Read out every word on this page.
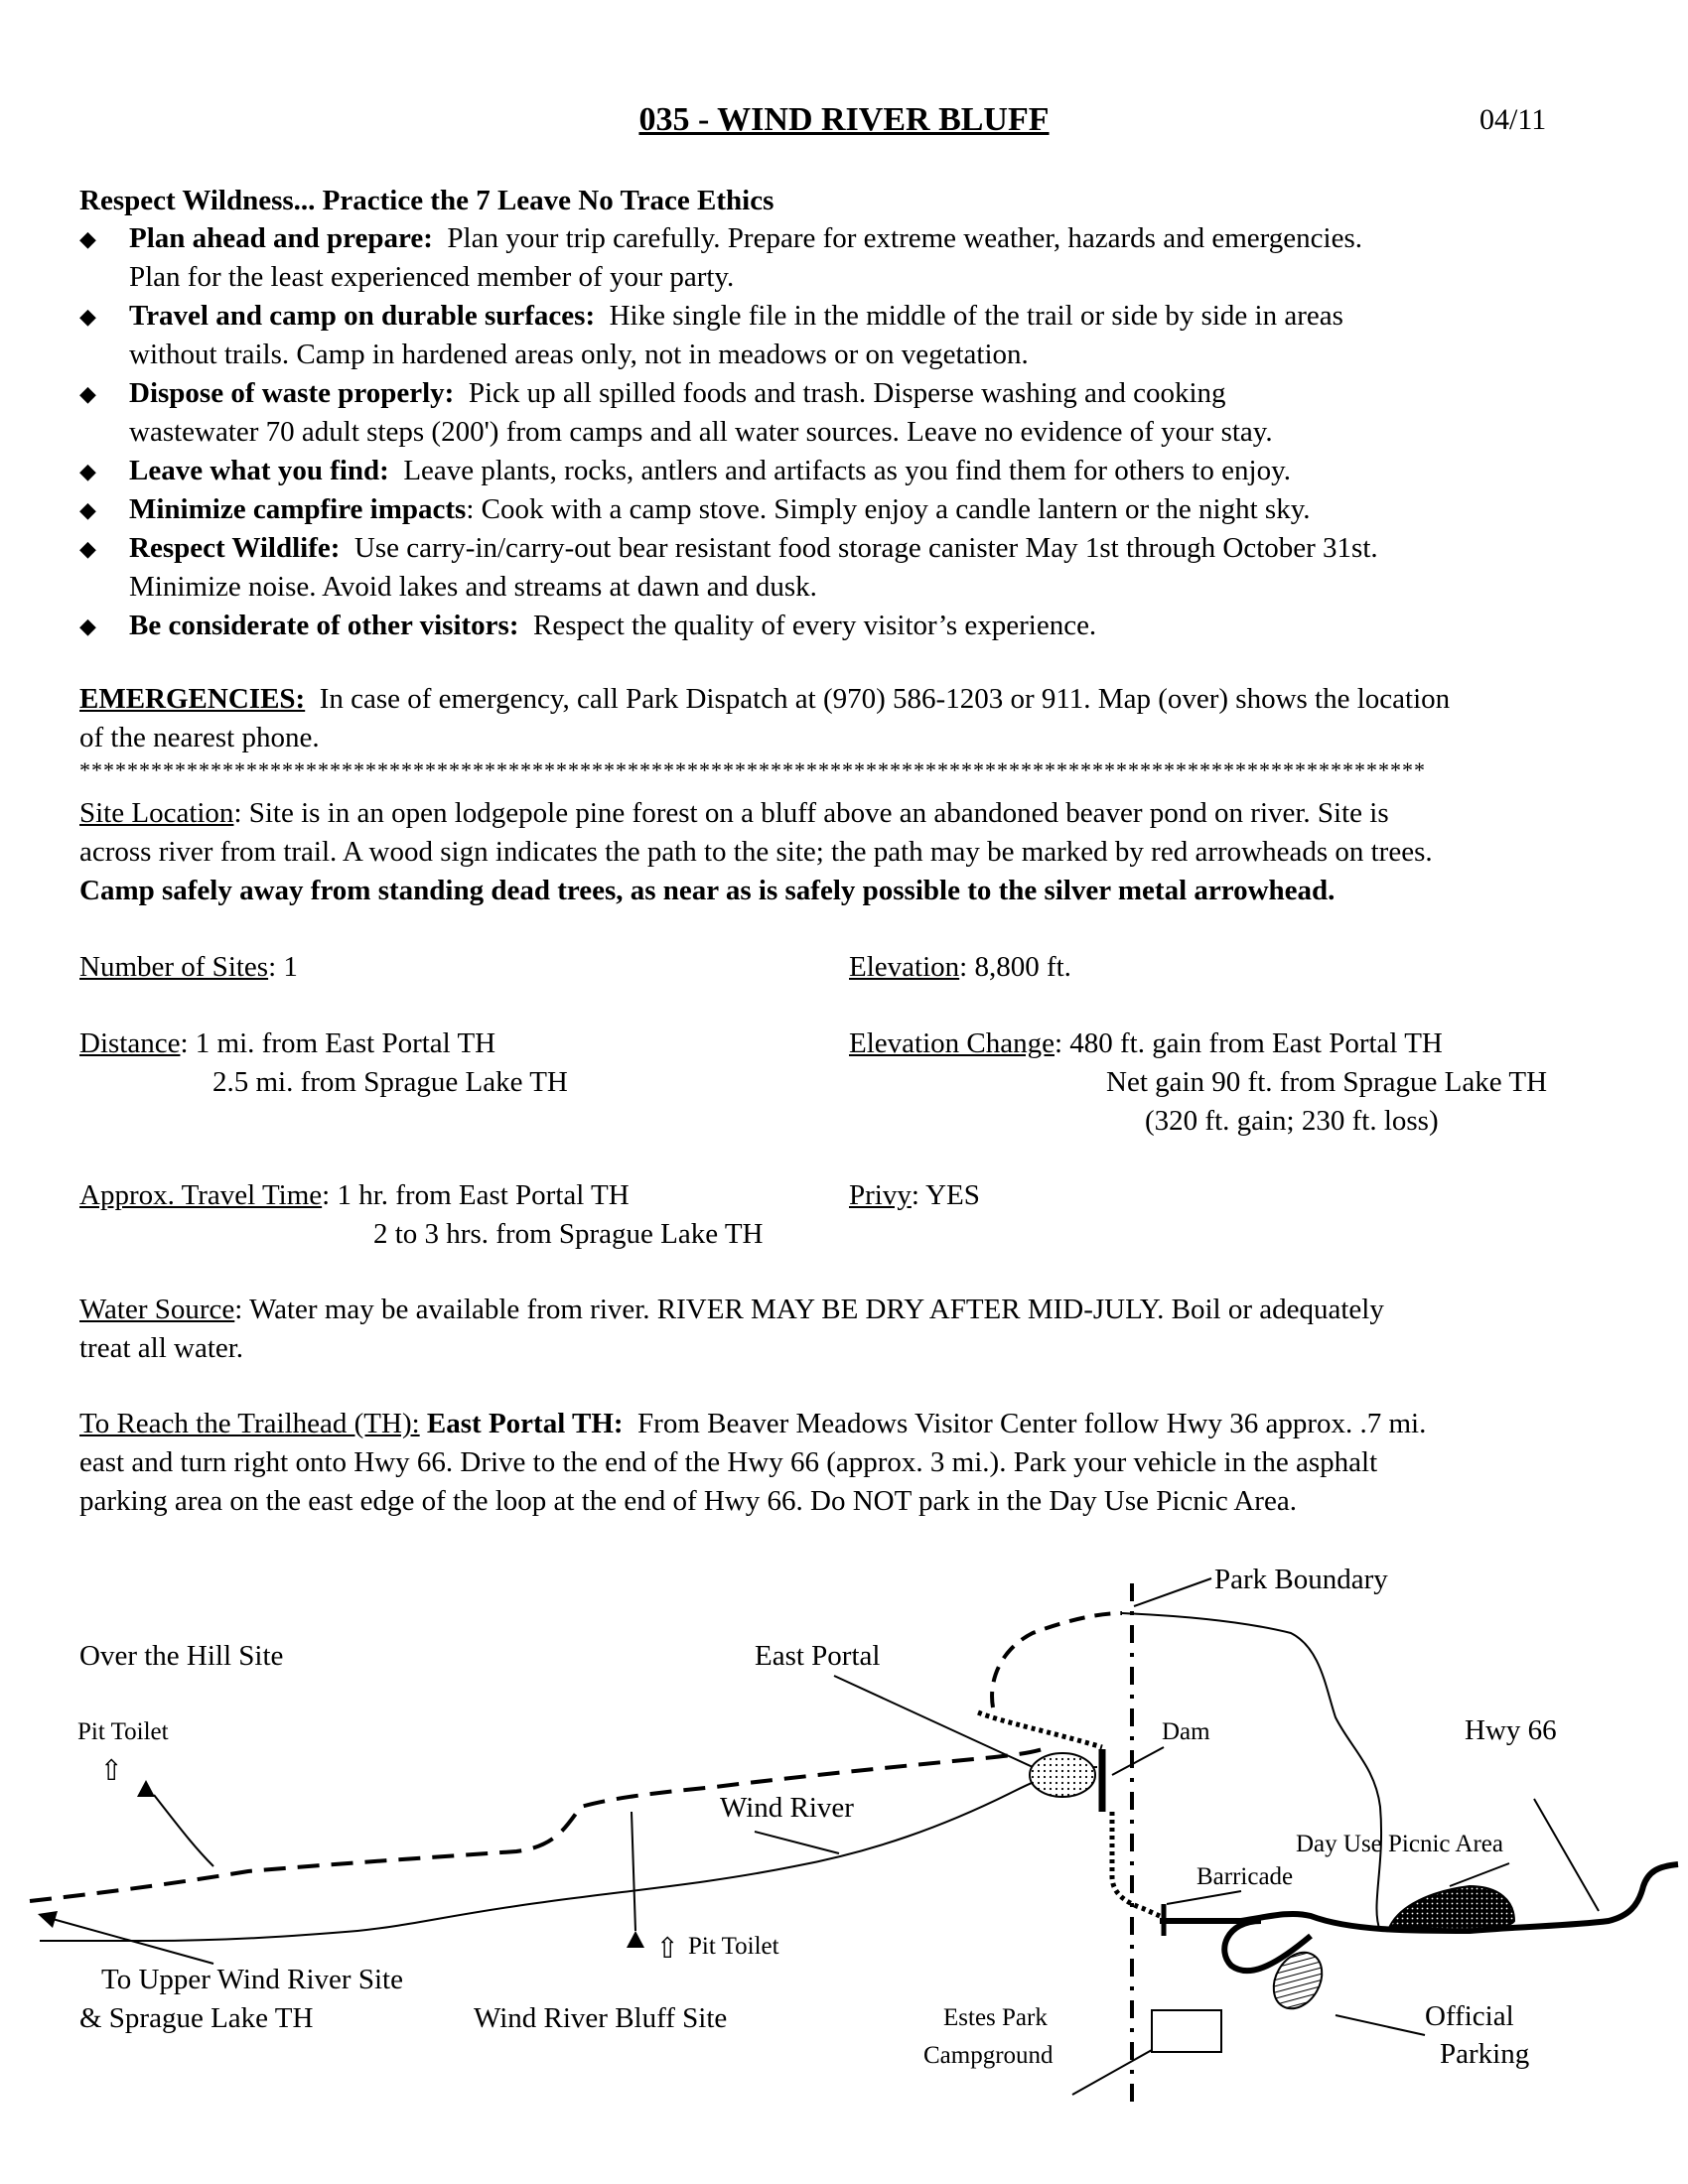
035 - WIND RIVER BLUFF	04/11
Respect Wildness... Practice the 7 Leave No Trace Ethics
◆ Plan ahead and prepare: Plan your trip carefully. Prepare for extreme weather, hazards and emergencies.
Plan for the least experienced member of your party.
◆ Travel and camp on durable surfaces: Hike single file in the middle of the trail or side by side in areas
without trails. Camp in hardened areas only, not in meadows or on vegetation.
◆ Dispose of waste properly: Pick up all spilled foods and trash. Disperse washing and cooking
wastewater 70 adult steps (200') from camps and all water sources. Leave no evidence of your stay.
◆ Leave what you find: Leave plants, rocks, antlers and artifacts as you find them for others to enjoy.
◆ Minimize campfire impacts: Cook with a camp stove. Simply enjoy a candle lantern or the night sky.
◆ Respect Wildlife: Use carry-in/carry-out bear resistant food storage canister May 1st through October 31st.
Minimize noise. Avoid lakes and streams at dawn and dusk.
◆ Be considerate of other visitors: Respect the quality of every visitor’s experience.
EMERGENCIES: In case of emergency, call Park Dispatch at (970) 586-1203 or 911. Map (over) shows the location
of the nearest phone.
*****************************************************************************************************************
Site Location: Site is in an open lodgepole pine forest on a bluff above an abandoned beaver pond on river. Site is
across river from trail. A wood sign indicates the path to the site; the path may be marked by red arrowheads on trees.
Camp safely away from standing dead trees, as near as is safely possible to the silver metal arrowhead.
Number of Sites: 1	Elevation: 8,800 ft.
Distance: 1 mi. from East Portal TH
2.5 mi. from Sprague Lake TH
Elevation Change: 480 ft. gain from East Portal TH
Net gain 90 ft. from Sprague Lake TH
(320 ft. gain; 230 ft. loss)
Approx. Travel Time: 1 hr. from East Portal TH
2 to 3 hrs. from Sprague Lake TH
Privy: YES
Water Source: Water may be available from river. RIVER MAY BE DRY AFTER MID-JULY. Boil or adequately
treat all water.
To Reach the Trailhead (TH): East Portal TH: From Beaver Meadows Visitor Center follow Hwy 36 approx. .7 mi.
east and turn right onto Hwy 66. Drive to the end of the Hwy 66 (approx. 3 mi.). Park your vehicle in the asphalt
parking area on the east edge of the loop at the end of Hwy 66. Do NOT park in the Day Use Picnic Area.
Park Boundary
Over the Hill Site	East Portal
Pit Toilet
⇧
Dam	Hwy 66
Wind River
Day Use Picnic Area
Barricade
⇧ Pit Toilet
To Upper Wind River Site
& Sprague Lake TH	Wind River Bluff Site	Estes Park
Campground
Official
Parking
